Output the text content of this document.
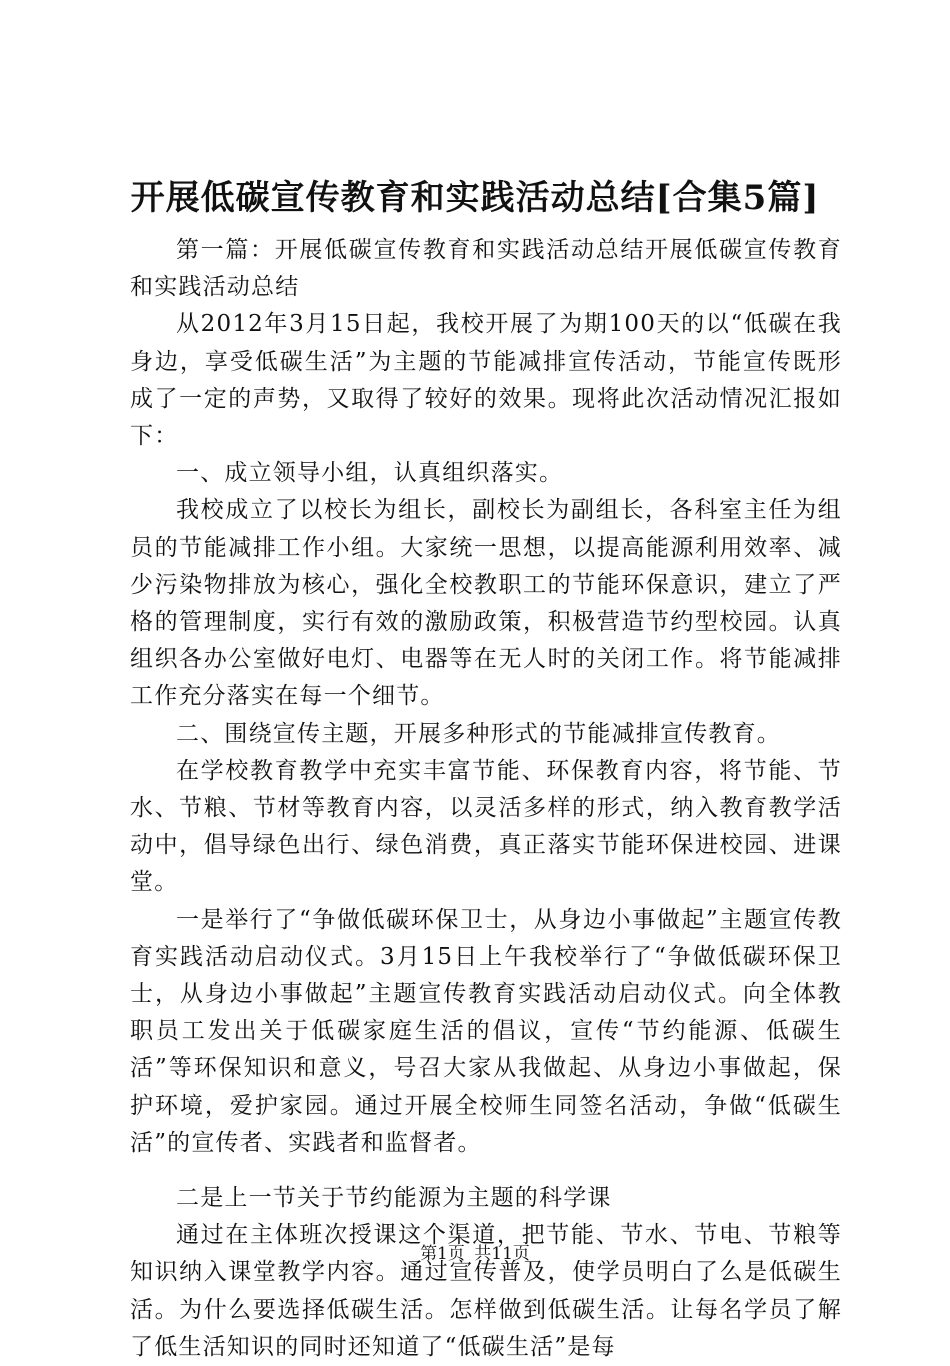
开展低碳宣传教育和实践活动总结[合集5篇]

第一篇：开展低碳宣传教育和实践活动总结开展低碳宣传教育和实践活动总结

从2012年3月15日起，我校开展了为期100天的以“低碳在我身边，享受低碳生活”为主题的节能减排宣传活动，节能宣传既形成了一定的声势，又取得了较好的效果。现将此次活动情况汇报如下：

一、成立领导小组，认真组织落实。

我校成立了以校长为组长，副校长为副组长，各科室主任为组员的节能减排工作小组。大家统一思想，以提高能源利用效率、减少污染物排放为核心，强化全校教职工的节能环保意识，建立了严格的管理制度，实行有效的激励政策，积极营造节约型校园。认真组织各办公室做好电灯、电器等在无人时的关闭工作。将节能减排工作充分落实在每一个细节。

二、围绕宣传主题，开展多种形式的节能减排宣传教育。

在学校教育教学中充实丰富节能、环保教育内容，将节能、节水、节粮、节材等教育内容，以灵活多样的形式，纳入教育教学活动中，倡导绿色出行、绿色消费，真正落实节能环保进校园、进课堂。

一是举行了“争做低碳环保卫士，从身边小事做起”主题宣传教育实践活动启动仪式。3月15日上午我校举行了“争做低碳环保卫士，从身边小事做起”主题宣传教育实践活动启动仪式。向全体教职员工发出关于低碳家庭生活的倡议，宣传“节约能源、低碳生活”等环保知识和意义，号召大家从我做起、从身边小事做起，保护环境，爱护家园。通过开展全校师生同签名活动，争做“低碳生活”的宣传者、实践者和监督者。

二是上一节关于节约能源为主题的科学课

通过在主体班次授课这个渠道，把节能、节水、节电、节粮等知识纳入课堂教学内容。通过宣传普及，使学员明白了么是低碳生活。为什么要选择低碳生活。怎样做到低碳生活。让每名学员了解了低生活知识的同时还知道了“低碳生活”是每

第1页 共11页
